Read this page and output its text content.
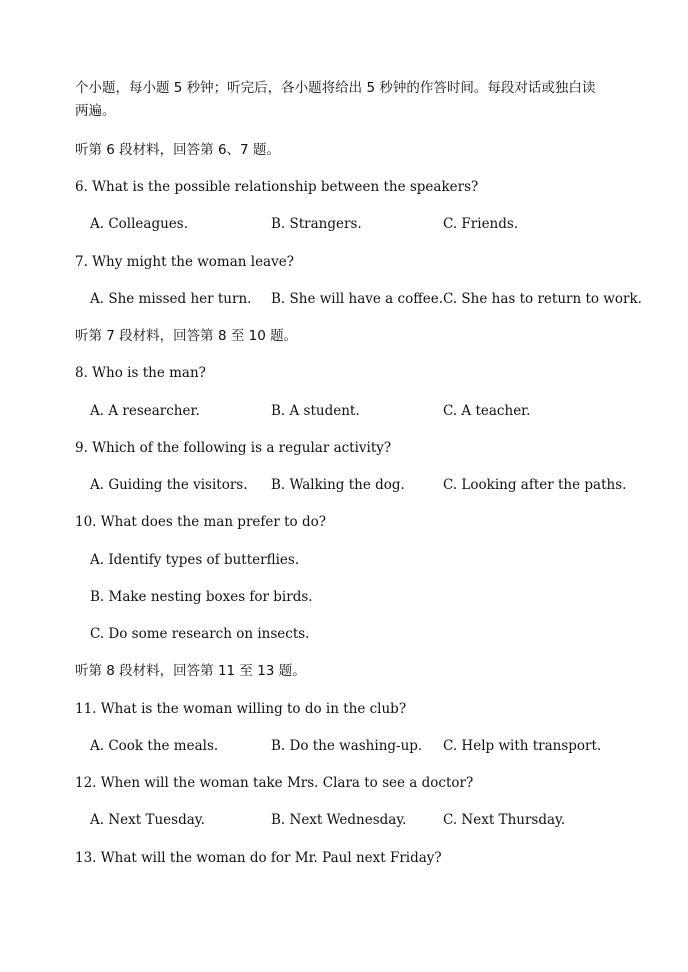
个小题，每小题 5 秒钟；听完后，各小题将给出 5 秒钟的作答时间。每段对话或独白读
两遍。
听第 6 段材料，回答第 6、7 题。
6. What is the possible relationship between the speakers?
A. Colleagues.	B. Strangers.	C. Friends.
7. Why might the woman leave?
A. She missed her turn. B. She will have a coffee. C. She has to return to work.
听第 7 段材料，回答第 8 至 10 题。
8. Who is the man?
A. A researcher.	B. A student.	C. A teacher.
9. Which of the following is a regular activity?
A. Guiding the visitors. B. Walking the dog.	C. Looking after the paths.
10. What does the man prefer to do?
A. Identify types of butterflies.
B. Make nesting boxes for birds.
C. Do some research on insects.
听第 8 段材料，回答第 11 至 13 题。
11. What is the woman willing to do in the club?
A. Cook the meals.	B. Do the washing-up. C. Help with transport.
12. When will the woman take Mrs. Clara to see a doctor?
A. Next Tuesday.	B. Next Wednesday.	C. Next Thursday.
13. What will the woman do for Mr. Paul next Friday?
